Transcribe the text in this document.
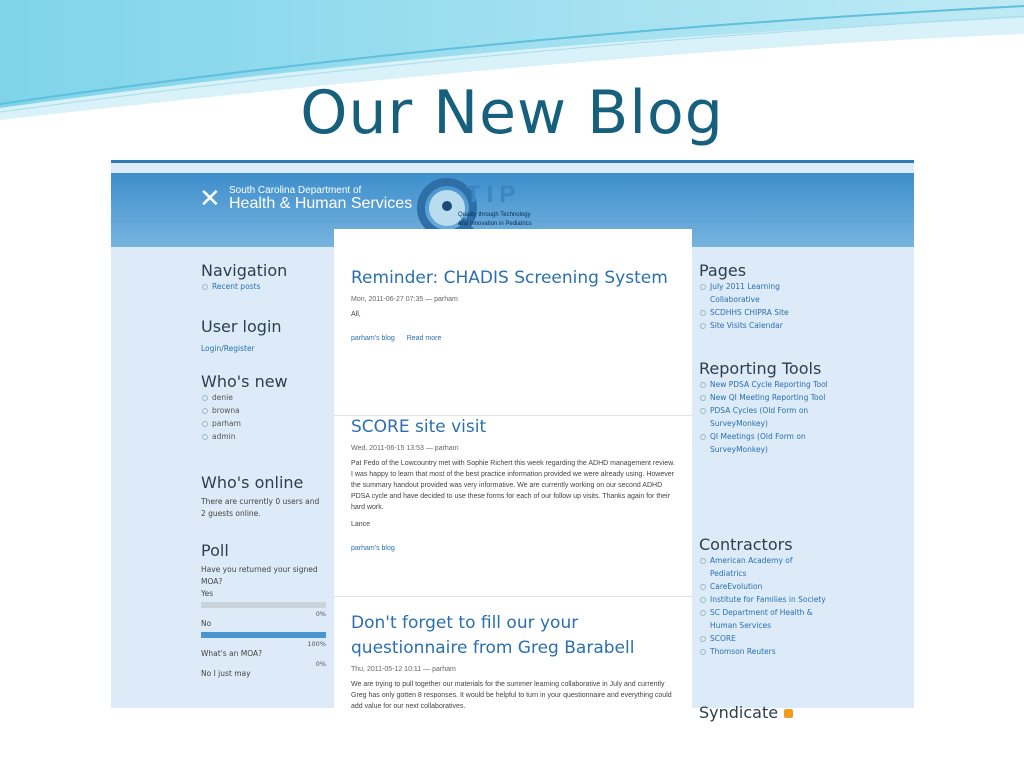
Our New Blog
✕ South Carolina Department of
Health & Human Services TIP
Quality through Technology
and Innovation in Pediatrics
Navigation
Recent posts
User login
Login/Register
Who's new
denie
browna
parham
admin
Who's online

There are currently 0 users and 2 guests online.

Poll

Have you returned your signed MOA?

Yes

0%

No

100%

What's an MOA?

0%

No I just may

Reminder: CHADIS Screening System
Mon, 2011-06-27 07:35 — parham
All,
parham's blog Read more
SCORE site visit
Wed, 2011-06-15 13:53 — parham
Pat Fedo of the Lowcountry met with Sophie Richert this week regarding the ADHD management review. I was happy to learn that most of the best practice information provided we were already using. However the summary handout provided was very informative. We are currently working on our second ADHD PDSA cycle and have decided to use these forms for each of our follow up visits. Thanks again for their hard work.
Lance
parham's blog
Don't forget to fill our your questionnaire from Greg Barabell
Thu, 2011-05-12 10:11 — parham
We are trying to pull together our materials for the summer learning collaborative in July and currently Greg has only gotten 8 responses. It would be helpful to turn in your questionnaire and everything could add value for our next collaboratives.
Pages
July 2011 Learning Collaborative
SCDHHS CHIPRA Site
Site Visits Calendar
Reporting Tools
New PDSA Cycle Reporting Tool
New QI Meeting Reporting Tool
PDSA Cycles (Old Form on SurveyMonkey)
QI Meetings (Old Form on SurveyMonkey)
Contractors
American Academy of Pediatrics
CareEvolution
Institute for Families in Society
SC Department of Health & Human Services
SCORE
Thomson Reuters
Syndicate
